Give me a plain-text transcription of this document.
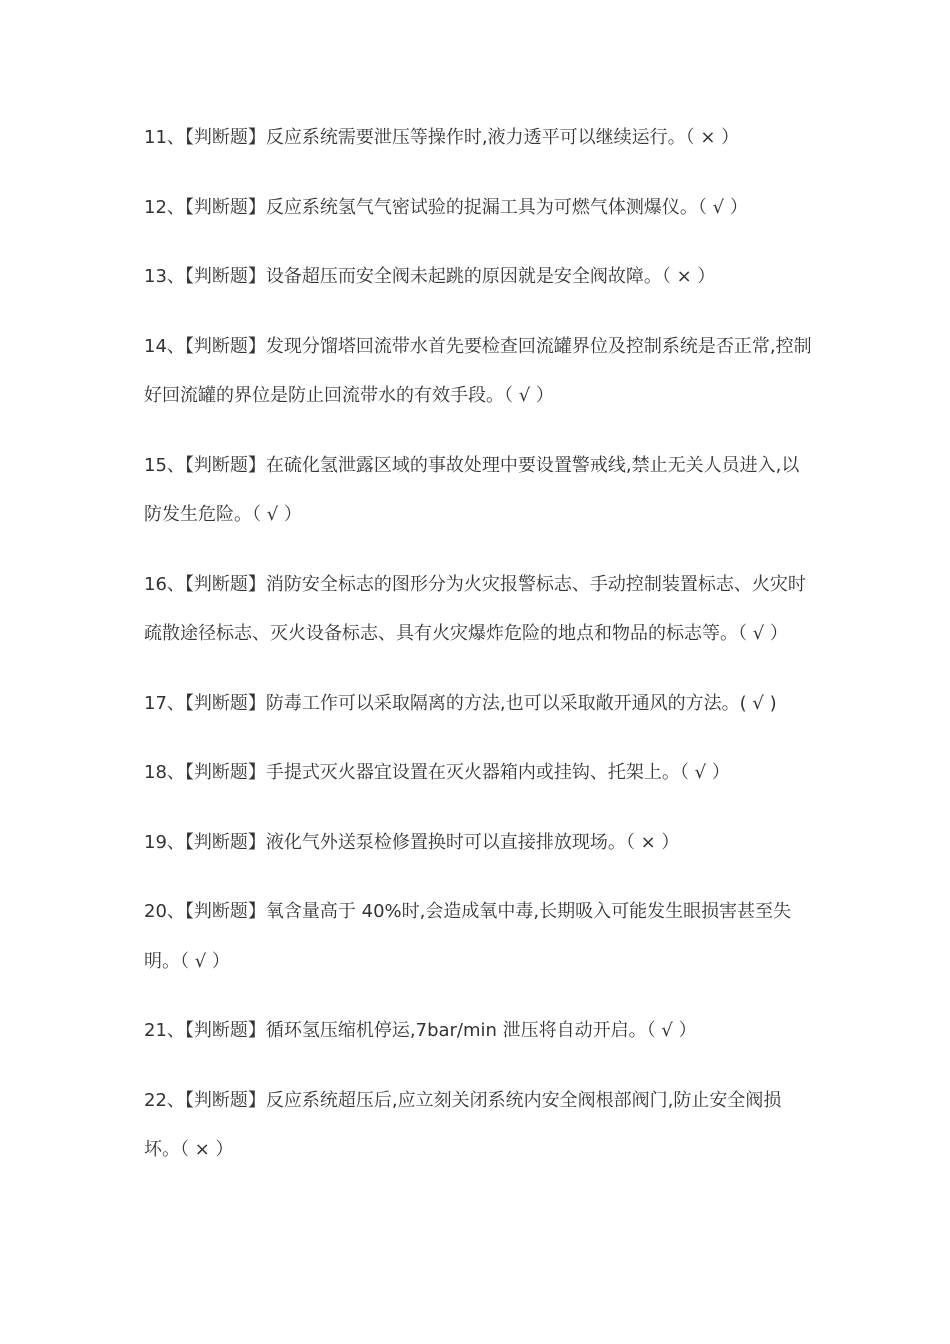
11、【判断题】反应系统需要泄压等操作时,液力透平可以继续运行。（ × ）

12、【判断题】反应系统氢气气密试验的捉漏工具为可燃气体测爆仪。（ √ ）

13、【判断题】设备超压而安全阀未起跳的原因就是安全阀故障。（ × ）

14、【判断题】发现分馏塔回流带水首先要检查回流罐界位及控制系统是否正常,控制好回流罐的界位是防止回流带水的有效手段。（ √ ）

15、【判断题】在硫化氢泄露区域的事故处理中要设置警戒线,禁止无关人员进入,以防发生危险。（ √ ）

16、【判断题】消防安全标志的图形分为火灾报警标志、手动控制装置标志、火灾时疏散途径标志、灭火设备标志、具有火灾爆炸危险的地点和物品的标志等。（ √ ）

17、【判断题】防毒工作可以采取隔离的方法,也可以采取敞开通风的方法。( √ )

18、【判断题】手提式灭火器宜设置在灭火器箱内或挂钩、托架上。（ √ ）

19、【判断题】液化气外送泵检修置换时可以直接排放现场。（ × ）

20、【判断题】氧含量高于 40%时,会造成氧中毒,长期吸入可能发生眼损害甚至失明。（ √ ）

21、【判断题】循环氢压缩机停运,7bar/min 泄压将自动开启。（ √ ）

22、【判断题】反应系统超压后,应立刻关闭系统内安全阀根部阀门,防止安全阀损坏。（ × ）
